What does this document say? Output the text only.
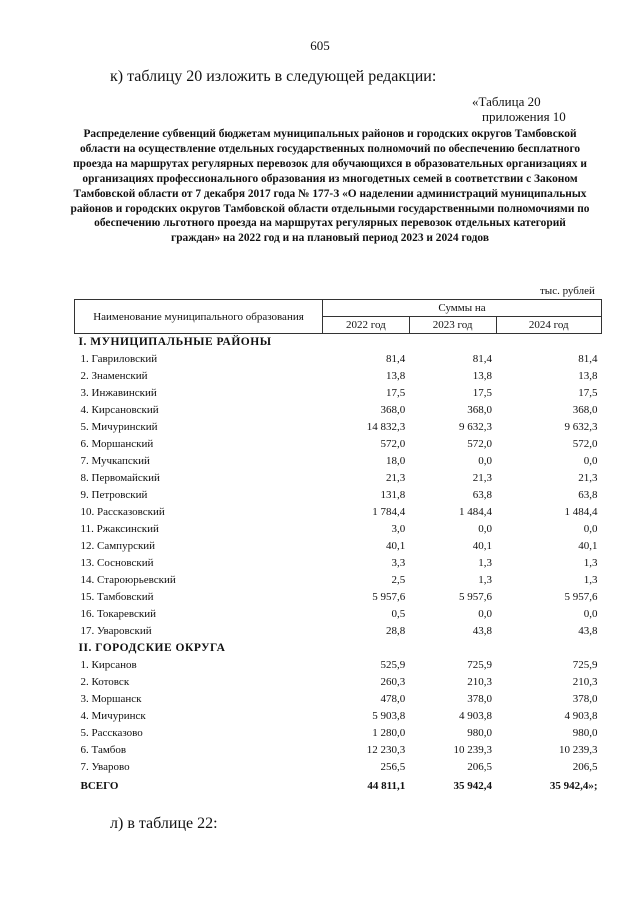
605
к) таблицу 20 изложить в следующей редакции:
«Таблица 20
приложения 10
Распределение субвенций бюджетам муниципальных районов и городских округов Тамбовской области на осуществление отдельных государственных полномочий по обеспечению бесплатного проезда на маршрутах регулярных перевозок для обучающихся в образовательных организациях и организациях профессионального образования из многодетных семей в соответствии с Законом Тамбовской области от 7 декабря 2017 года № 177-З «О наделении администраций муниципальных районов и городских округов Тамбовской области отдельными государственными полномочиями по обеспечению льготного проезда на маршрутах регулярных перевозок отдельных категорий граждан» на 2022 год и на плановый период 2023 и 2024 годов
тыс. рублей
Наименование муниципального образования	Суммы на		
	2022 год	2023 год	2024 год
I. МУНИЦИПАЛЬНЫЕ РАЙОНЫ			
1. Гавриловский	81,4	81,4	81,4
2. Знаменский	13,8	13,8	13,8
3. Инжавинский	17,5	17,5	17,5
4. Кирсановский	368,0	368,0	368,0
5. Мичуринский	14 832,3	9 632,3	9 632,3
6. Моршанский	572,0	572,0	572,0
7. Мучкапский	18,0	0,0	0,0
8. Первомайский	21,3	21,3	21,3
9. Петровский	131,8	63,8	63,8
10. Рассказовский	1 784,4	1 484,4	1 484,4
11. Ржаксинский	3,0	0,0	0,0
12. Сампурский	40,1	40,1	40,1
13. Сосновский	3,3	1,3	1,3
14. Староюрьевский	2,5	1,3	1,3
15. Тамбовский	5 957,6	5 957,6	5 957,6
16. Токаревский	0,5	0,0	0,0
17. Уваровский	28,8	43,8	43,8
II. ГОРОДСКИЕ ОКРУГА			
1. Кирсанов	525,9	725,9	725,9
2. Котовск	260,3	210,3	210,3
3. Моршанск	478,0	378,0	378,0
4. Мичуринск	5 903,8	4 903,8	4 903,8
5. Рассказово	1 280,0	980,0	980,0
6. Тамбов	12 230,3	10 239,3	10 239,3
7. Уварово	256,5	206,5	206,5
ВСЕГО	44 811,1	35 942,4	35 942,4»;
л) в таблице 22:
